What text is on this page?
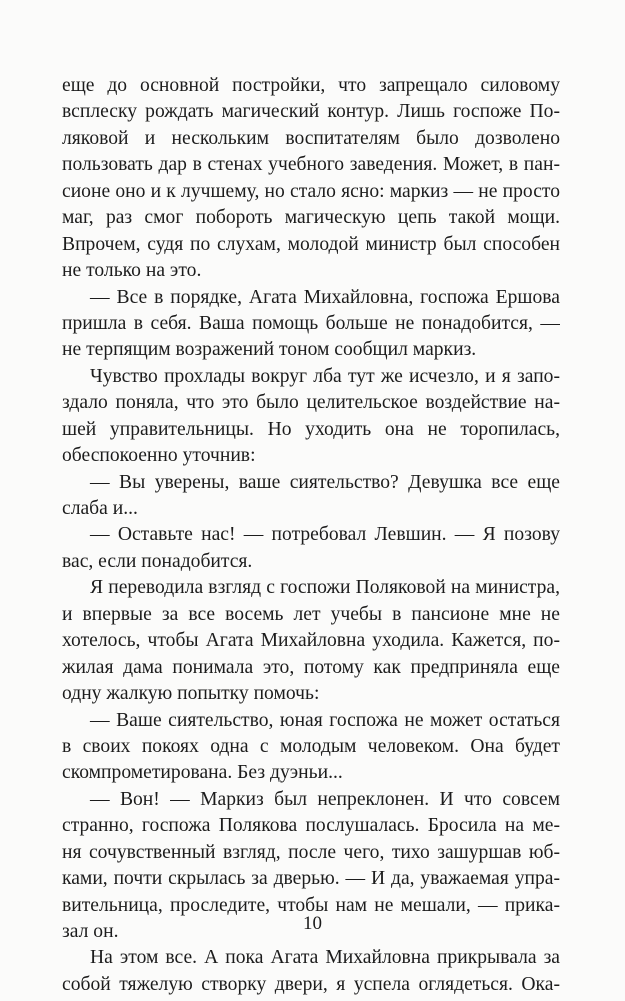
еще до основной постройки, что запрещало силовому
всплеску рождать магический контур. Лишь госпоже По-
ляковой и нескольким воспитателям было дозволено
пользовать дар в стенах учебного заведения. Может, в пан-
сионе оно и к лучшему, но стало ясно: маркиз — не просто
маг, раз смог побороть магическую цепь такой мощи.
Впрочем, судя по слухам, молодой министр был способен
не только на это.
— Все в порядке, Агата Михайловна, госпожа Ершова
пришла в себя. Ваша помощь больше не понадобится, —
не терпящим возражений тоном сообщил маркиз.
Чувство прохлады вокруг лба тут же исчезло, и я запо-
здало поняла, что это было целительское воздействие на-
шей управительницы. Но уходить она не торопилась,
обеспокоенно уточнив:
— Вы уверены, ваше сиятельство? Девушка все еще
слаба и...
— Оставьте нас! — потребовал Левшин. — Я позову
вас, если понадобится.
Я переводила взгляд с госпожи Поляковой на министра,
и впервые за все восемь лет учебы в пансионе мне не
хотелось, чтобы Агата Михайловна уходила. Кажется, по-
жилая дама понимала это, потому как предприняла еще
одну жалкую попытку помочь:
— Ваше сиятельство, юная госпожа не может остаться
в своих покоях одна с молодым человеком. Она будет
скомпрометирована. Без дуэньи...
— Вон! — Маркиз был непреклонен. И что совсем
странно, госпожа Полякова послушалась. Бросила на ме-
ня сочувственный взгляд, после чего, тихо зашуршав юб-
ками, почти скрылась за дверью. — И да, уважаемая упра-
вительница, проследите, чтобы нам не мешали, — прика-
зал он.
На этом все. А пока Агата Михайловна прикрывала за
собой тяжелую створку двери, я успела оглядеться. Ока-
10
